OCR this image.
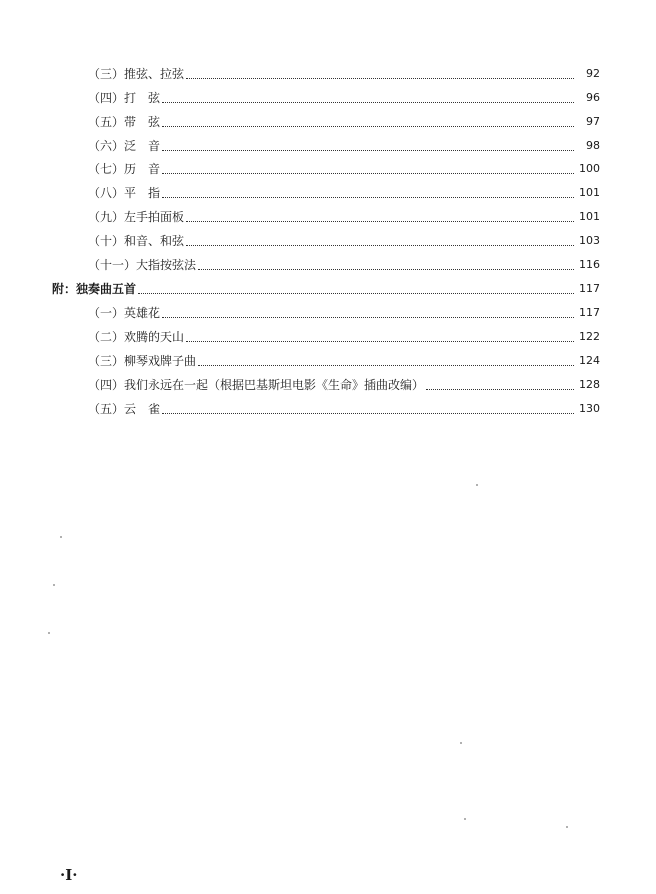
（三）推弦、拉弦	92
（四）打　弦	96
（五）带　弦	97
（六）泛　音	98
（七）历　音	100
（八）平　指	101
（九）左手拍面板	101
（十）和音、和弦	103
（十一）大指按弦法	116
附：独奏曲五首	117
（一）英雄花	117
（二）欢腾的天山	122
（三）柳琴戏牌子曲	124
（四）我们永远在一起（根据巴基斯坦电影《生命》插曲改编）	128
（五）云　雀	130
·I·
